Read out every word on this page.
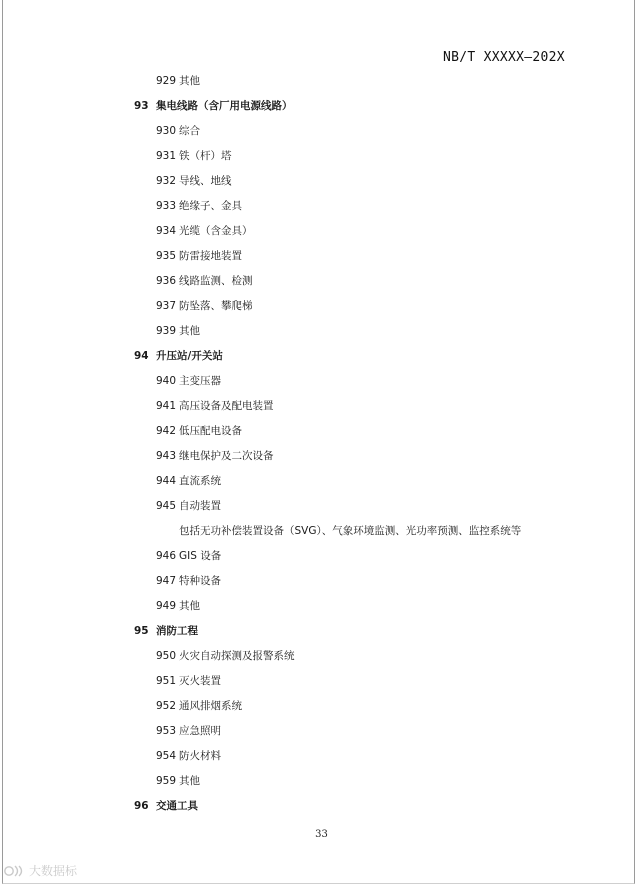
NB/T XXXXX—202X
929 其他
93 集电线路（含厂用电源线路）
930 综合
931 铁（杆）塔
932 导线、地线
933 绝缘子、金具
934 光缆（含金具）
935 防雷接地装置
936 线路监测、检测
937 防坠落、攀爬梯
939 其他
94 升压站/开关站
940 主变压器
941 高压设备及配电装置
942 低压配电设备
943 继电保护及二次设备
944 直流系统
945 自动装置
包括无功补偿装置设备（SVG）、气象环境监测、光功率预测、监控系统等
946 GIS 设备
947 特种设备
949 其他
95 消防工程
950 火灾自动探测及报警系统
951 灭火装置
952 通风排烟系统
953 应急照明
954 防火材料
959 其他
96 交通工具
33
大数据标
